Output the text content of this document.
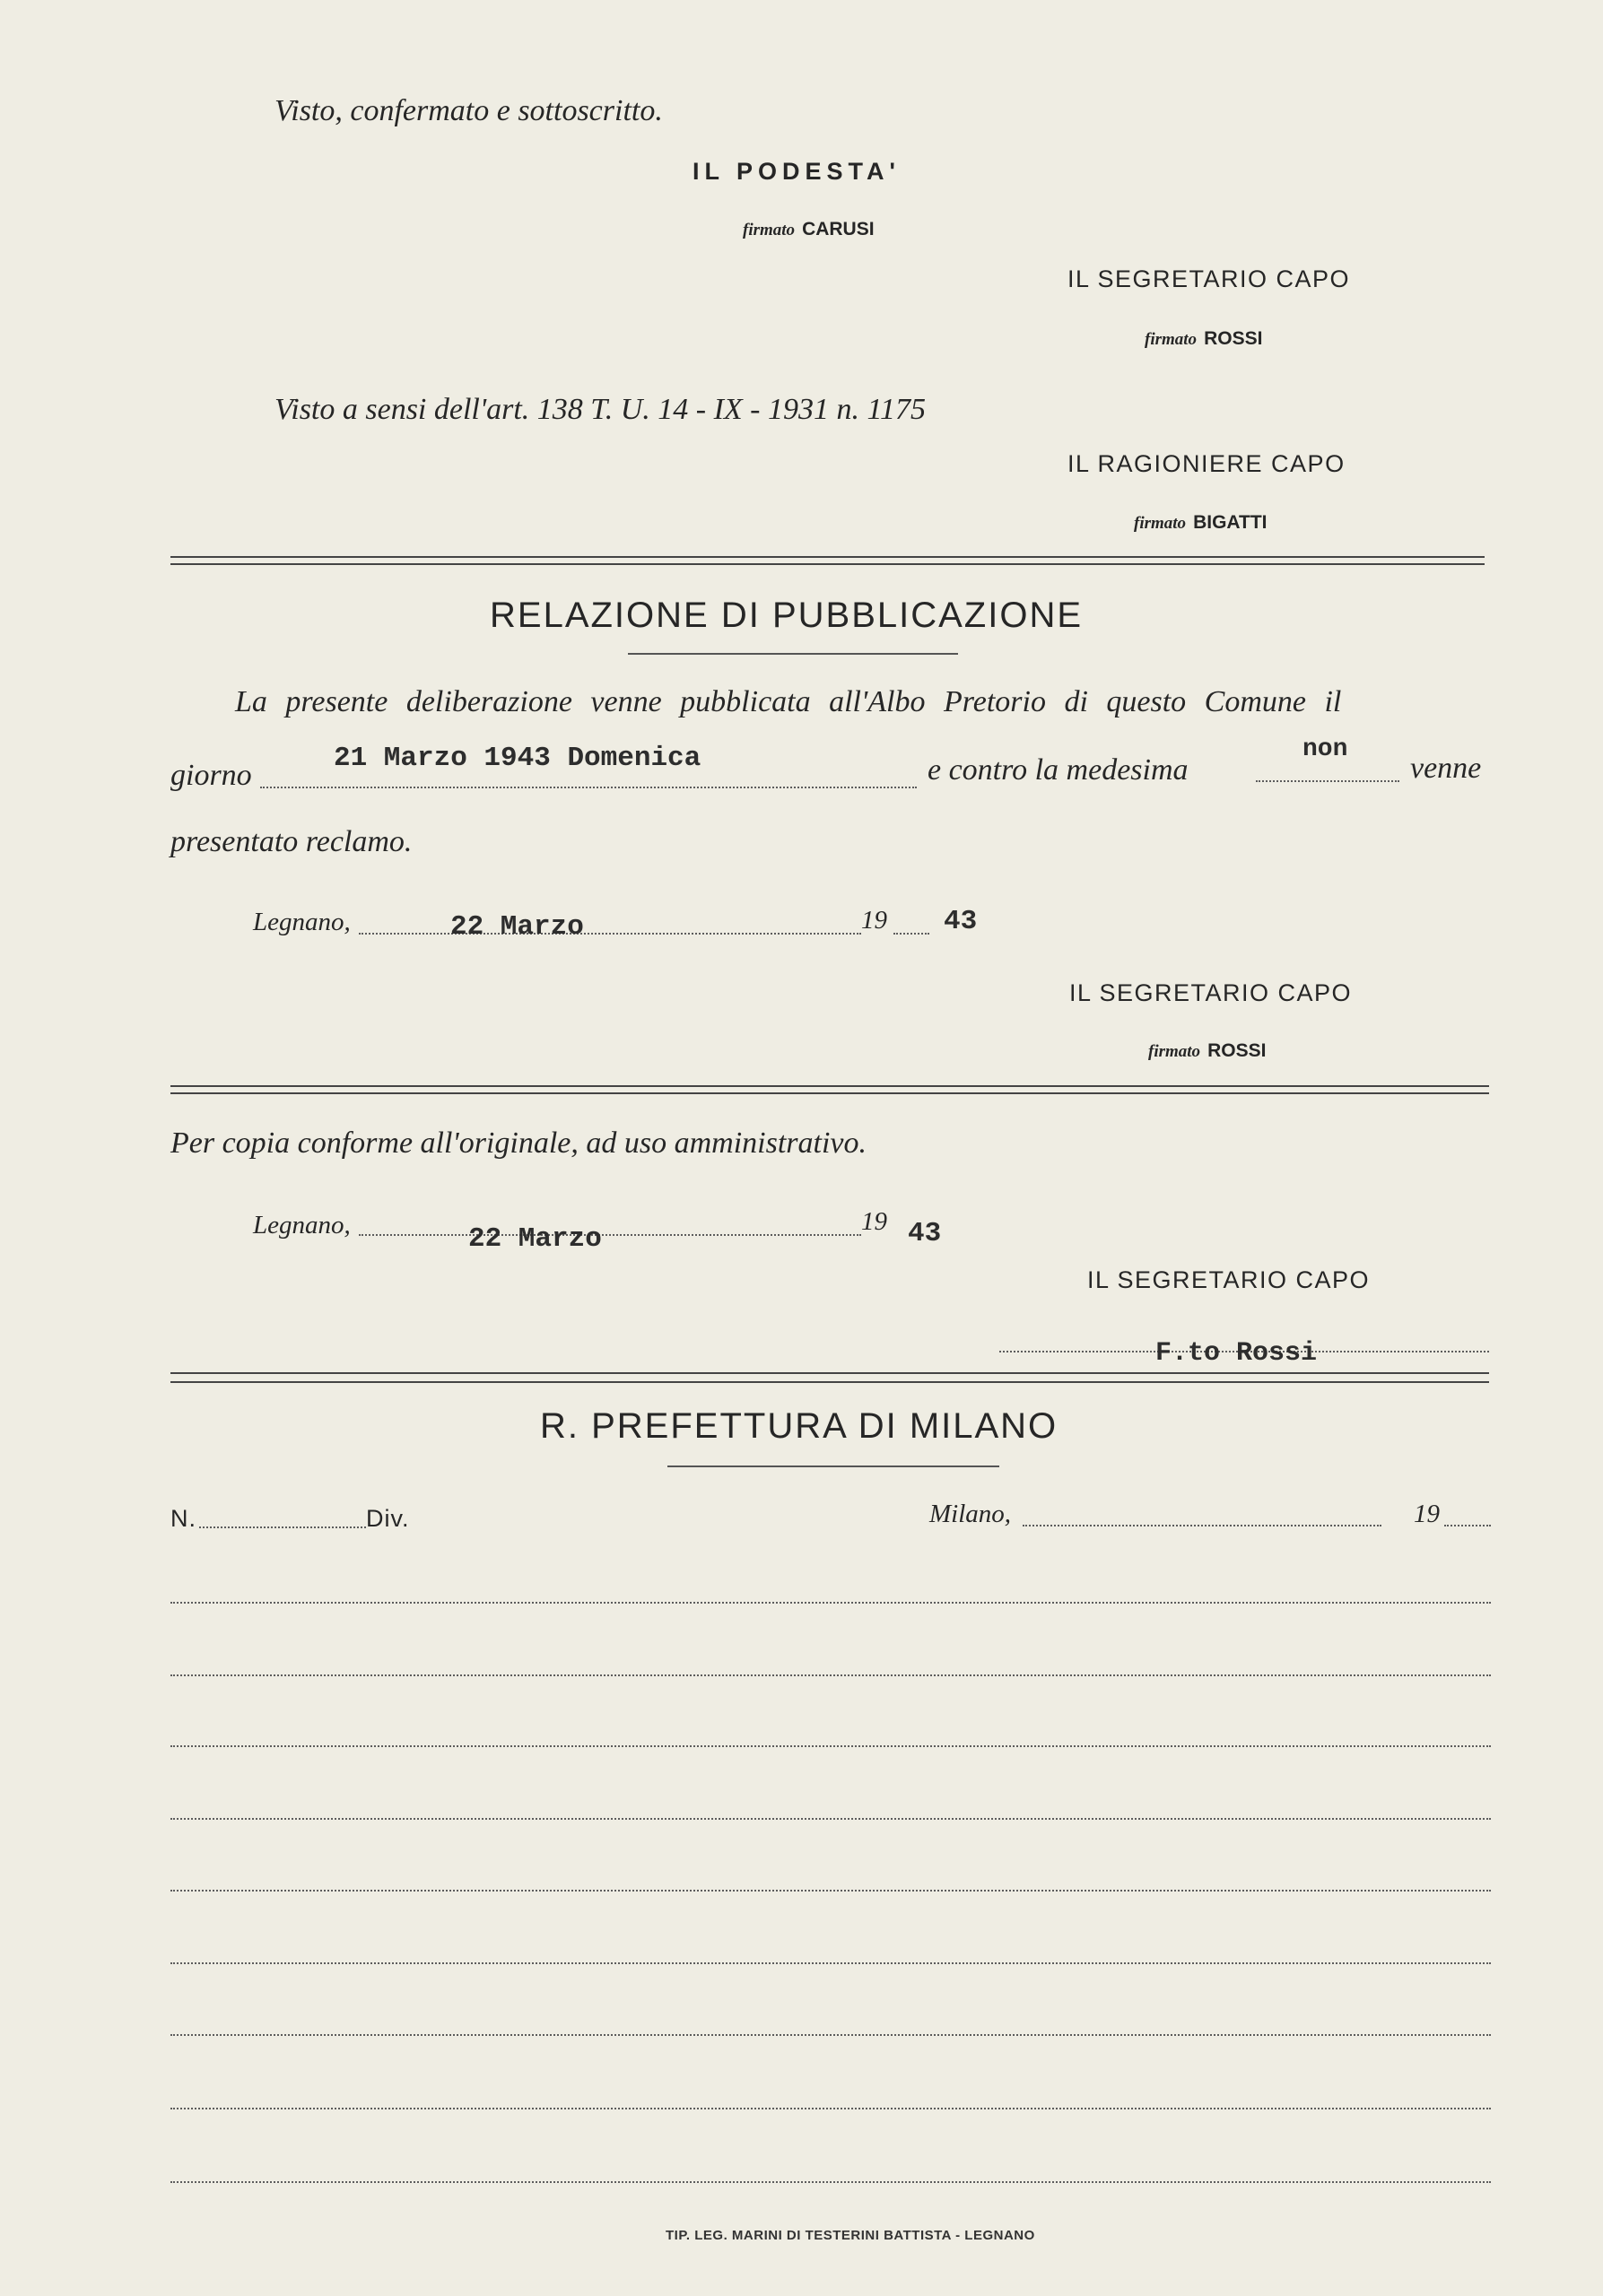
Visto, confermato e sottoscritto.
IL PODESTA'
firmato CARUSI
IL SEGRETARIO CAPO
firmato ROSSI
Visto a sensi dell'art. 138 T. U. 14 - IX - 1931 n. 1175
IL RAGIONIERE CAPO
firmato BIGATTI
RELAZIONE DI PUBBLICAZIONE
La presente deliberazione venne pubblicata all'Albo Pretorio di questo Comune il
giorno
21 Marzo 1943 Domenica	e contro la medesima
non
venne
presentato reclamo.
Legnano,	22 Marzo	19 43
IL SEGRETARIO CAPO
firmato ROSSI
Per copia conforme all'originale, ad uso amministrativo.
Legnano,	22 Marzo
19 43
IL SEGRETARIO CAPO
F.to Rossi
R. PREFETTURA DI MILANO
N.	Div.	Milano,	19
TIP. LEG. MARINI DI TESTERINI BATTISTA - LEGNANO
